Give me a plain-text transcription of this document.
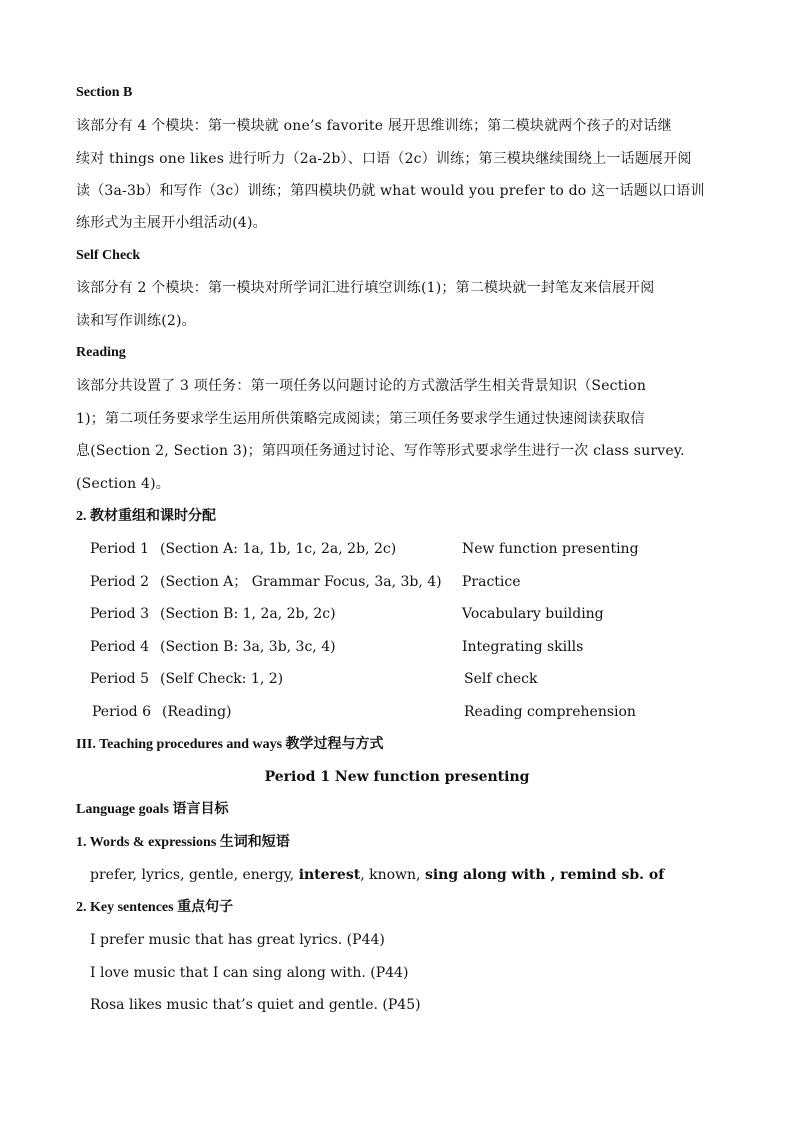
Section B
该部分有 4 个模块：第一模块就 one’s favorite 展开思维训练；第二模块就两个孩子的对话继
续对 things one likes 进行听力（2a-2b）、口语（2c）训练；第三模块继续围绕上一话题展开阅
读（3a-3b）和写作（3c）训练；第四模块仍就 what would you prefer to do 这一话题以口语训
练形式为主展开小组活动(4)。
Self Check
该部分有 2 个模块：第一模块对所学词汇进行填空训练(1)；第二模块就一封笔友来信展开阅
读和写作训练(2)。
Reading
该部分共设置了 3 项任务：第一项任务以问题讨论的方式激活学生相关背景知识（Section
1)；第二项任务要求学生运用所供策略完成阅读；第三项任务要求学生通过快速阅读获取信
息(Section 2, Section 3)；第四项任务通过讨论、写作等形式要求学生进行一次 class survey.
(Section 4)。
2. 教材重组和课时分配
Period 1 (Section A: 1a, 1b, 1c, 2a, 2b, 2c)	New function presenting
Period 2 (Section A； Grammar Focus, 3a, 3b, 4)	Practice
Period 3 (Section B: 1, 2a, 2b, 2c)	Vocabulary building
Period 4 (Section B: 3a, 3b, 3c, 4)	Integrating skills
Period 5 (Self Check: 1, 2)	Self check
Period 6 (Reading)	Reading comprehension
III. Teaching procedures and ways 教学过程与方式
Period 1 New function presenting
Language goals 语言目标
1. Words & expressions 生词和短语
prefer, lyrics, gentle, energy, interest, known, sing along with , remind sb. of
2. Key sentences 重点句子
I prefer music that has great lyrics. (P44)
I love music that I can sing along with. (P44)
Rosa likes music that’s quiet and gentle. (P45)
